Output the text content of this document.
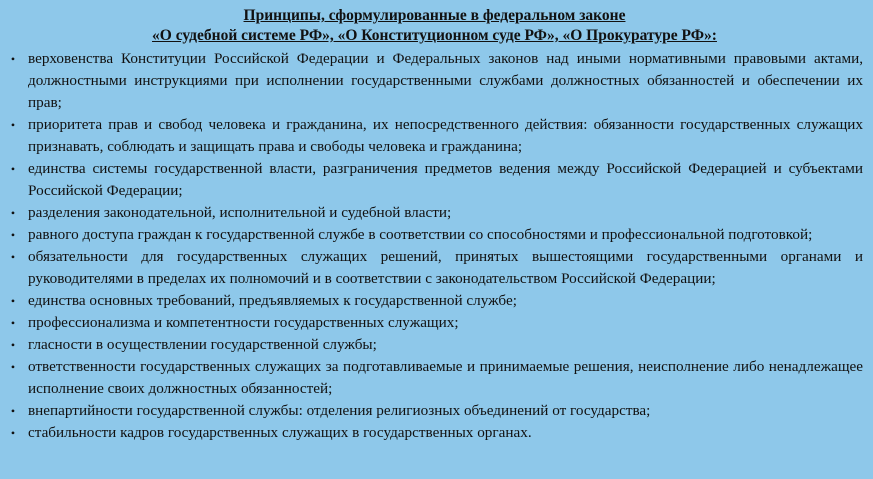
Принципы, сформулированные в федеральном законе

«О судебной системе РФ», «О Конституционном суде РФ», «О Прокуратуре РФ»:

• верховенства Конституции Российской Федерации и Федеральных законов над иными нормативными правовыми актами, должностными инструкциями при исполнении государственными службами должностных обязанностей и обеспечении их прав;
• приоритета прав и свобод человека и гражданина, их непосредственного действия: обязанности государственных служащих признавать, соблюдать и защищать права и свободы человека и гражданина;
• единства системы государственной власти, разграничения предметов ведения между Российской Федерацией и субъектами Российской Федерации;
• разделения законодательной, исполнительной и судебной власти;
• равного доступа граждан к государственной службе в соответствии со способностями и профессиональной подготовкой;
• обязательности для государственных служащих решений, принятых вышестоящими государственными органами и руководителями в пределах их полномочий и в соответствии с законодательством Российской Федерации;
• единства основных требований, предъявляемых к государственной службе;
• профессионализма и компетентности государственных служащих;
• гласности в осуществлении государственной службы;
• ответственности государственных служащих за подготавливаемые и принимаемые решения, неисполнение либо ненадлежащее исполнение своих должностных обязанностей;
• внепартийности государственной службы: отделения религиозных объединений от государства;
• стабильности кадров государственных служащих в государственных органах.
